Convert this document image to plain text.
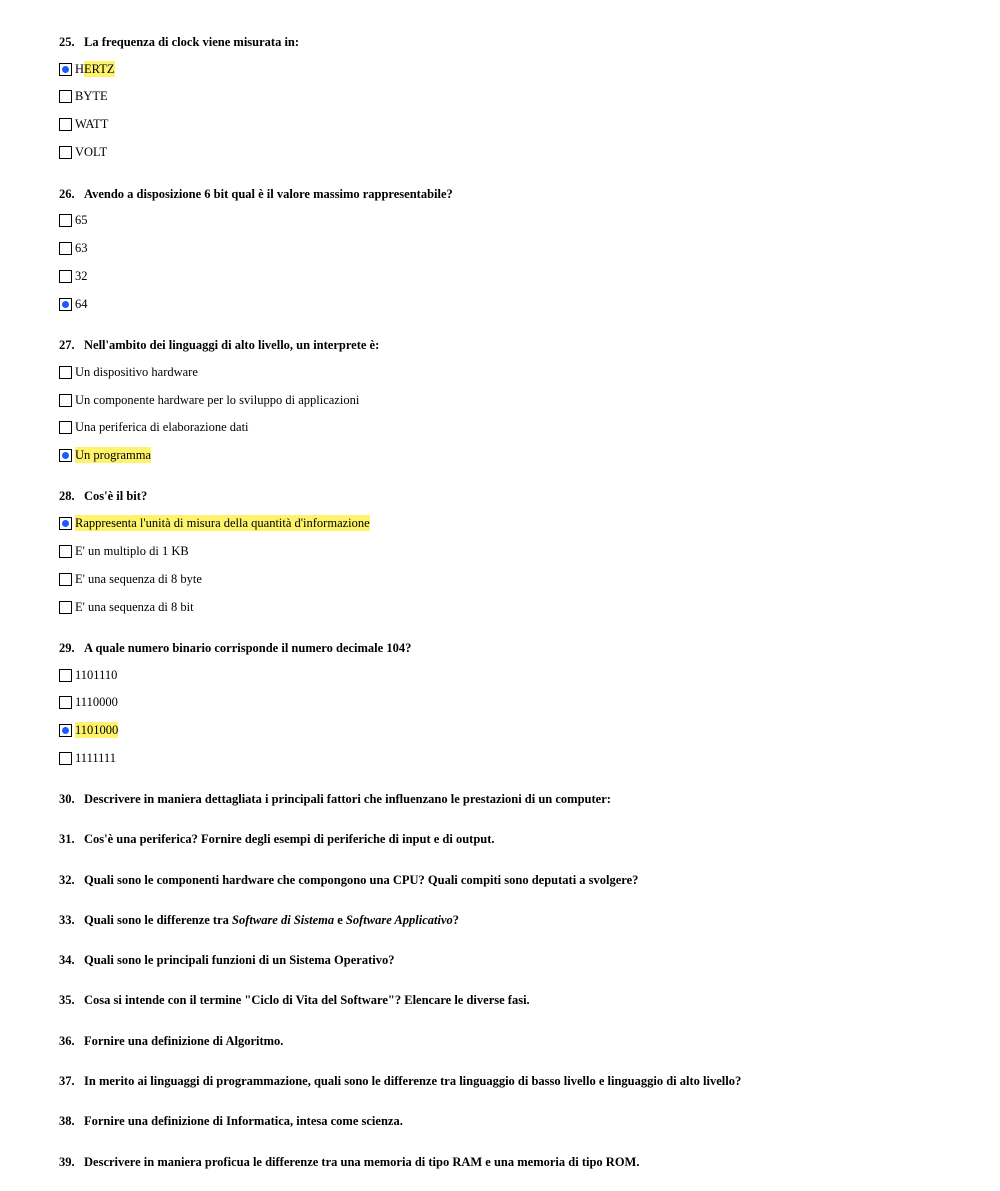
25. La frequenza di clock viene misurata in:
H ERTZ
BYTE
WATT
VOLT
26. Avendo a disposizione 6 bit qual è il valore massimo rappresentabile?
65
63
32
64
27. Nell'ambito dei linguaggi di alto livello, un interprete è:
Un dispositivo hardware
Un componente hardware per lo sviluppo di applicazioni
Una periferica di elaborazione dati
Un programma
28. Cos'è il bit?
Rappresenta l'unità di misura della quantità d'informazione
E' un multiplo di 1 KB
E' una sequenza di 8 byte
E' una sequenza di 8 bit
29. A quale numero binario corrisponde il numero decimale 104?
1101110
1110000
1101000
1111111
30. Descrivere in maniera dettagliata i principali fattori che influenzano le prestazioni di un computer:
31. Cos'è una periferica? Fornire degli esempi di periferiche di input e di output.
32. Quali sono le componenti hardware che compongono una CPU? Quali compiti sono deputati a svolgere?
33. Quali sono le differenze tra Software di Sistema e Software Applicativo?
34. Quali sono le principali funzioni di un Sistema Operativo?
35. Cosa si intende con il termine "Ciclo di Vita del Software"? Elencare le diverse fasi.
36. Fornire una definizione di Algoritmo.
37. In merito ai linguaggi di programmazione, quali sono le differenze tra linguaggio di basso livello e linguaggio di alto livello?
38. Fornire una definizione di Informatica, intesa come scienza.
39. Descrivere in maniera proficua le differenze tra una memoria di tipo RAM e una memoria di tipo ROM.
